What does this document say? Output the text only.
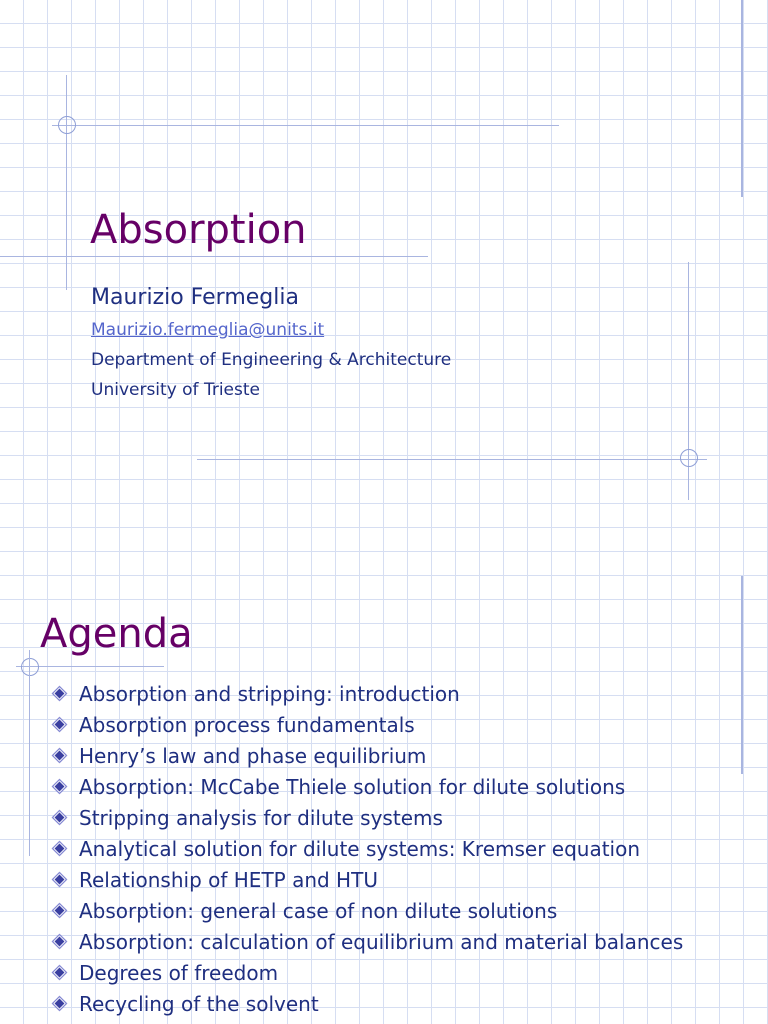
Absorption
Maurizio Fermeglia
Maurizio.fermeglia@units.it
Department of Engineering & Architecture
University of Trieste
Agenda
Absorption and stripping: introduction
Absorption process fundamentals
Henry’s law and phase equilibrium
Absorption: McCabe Thiele solution for dilute solutions
Stripping analysis for dilute systems
Analytical solution for dilute systems: Kremser equation
Relationship of HETP and HTU
Absorption: general case of non dilute solutions
Absorption: calculation of equilibrium and material balances
Degrees of freedom
Recycling of the solvent
